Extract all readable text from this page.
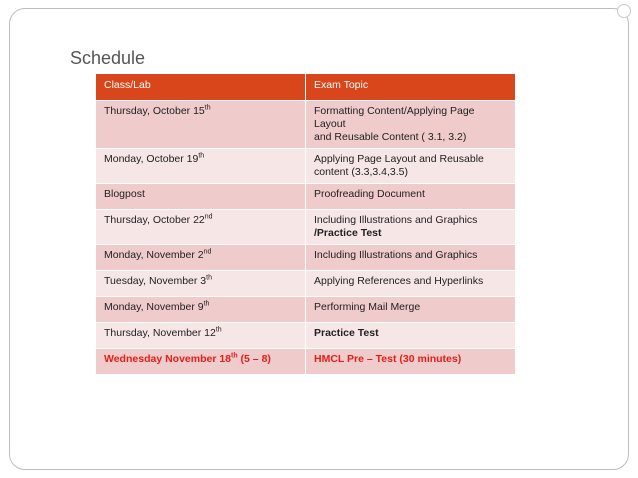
Schedule
Class/Lab	Exam Topic
Thursday, October 15th	Formatting Content/Applying Page Layout
and Reusable Content ( 3.1, 3.2)
Monday, October 19th	Applying Page Layout and Reusable
content (3.3,3.4,3.5)
Blogpost	Proofreading Document
Thursday, October 22nd	Including Illustrations and Graphics
/Practice Test
Monday, November 2nd	Including Illustrations and Graphics
Tuesday, November 3th	Applying References and Hyperlinks
Monday, November 9th	Performing Mail Merge
Thursday, November 12th	Practice Test
Wednesday November 18th (5 – 8)	HMCL Pre – Test (30 minutes)
